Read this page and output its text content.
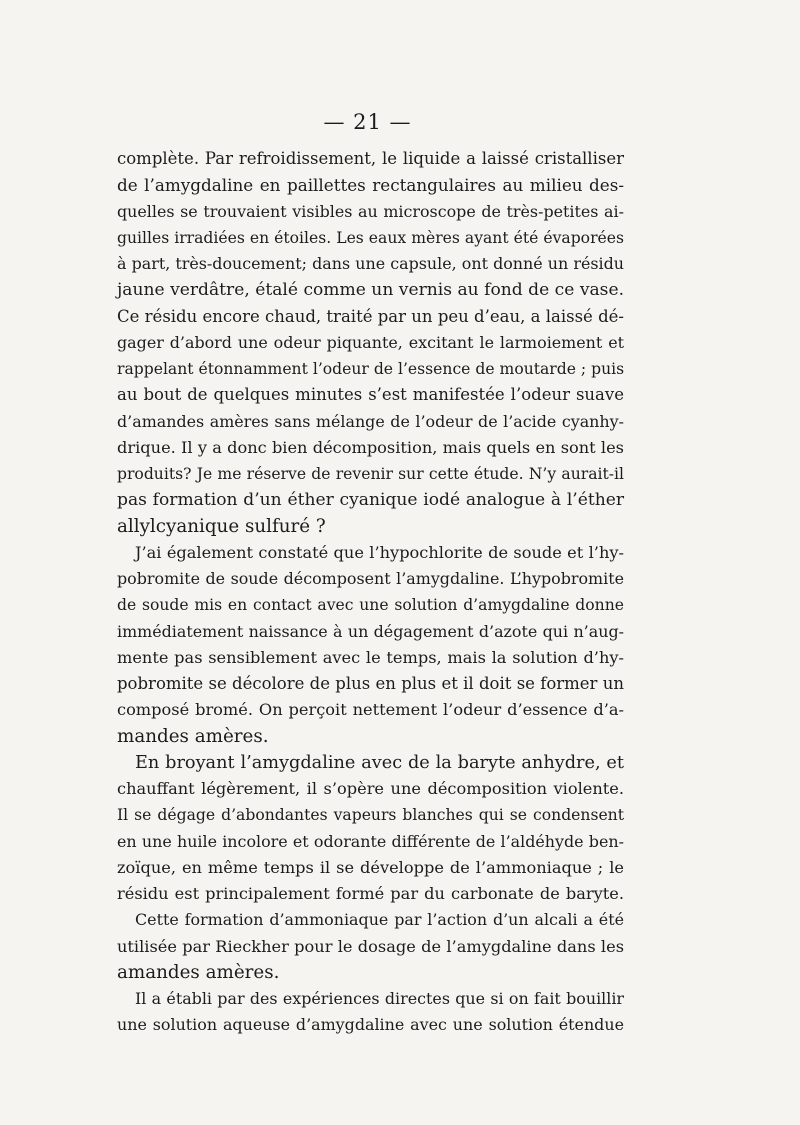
— 21 —
complète. Par refroidissement, le liquide a laissé cristalliser
de l’amygdaline en paillettes rectangulaires au milieu des-
quelles se trouvaient visibles au microscope de très-petites ai-
guilles irradiées en étoiles. Les eaux mères ayant été évaporées
à part, très-doucement; dans une capsule, ont donné un résidu
jaune verdâtre, étalé comme un vernis au fond de ce vase.
Ce résidu encore chaud, traité par un peu d’eau, a laissé dé-
gager d’abord une odeur piquante, excitant le larmoiement et
rappelant étonnamment l’odeur de l’essence de moutarde ; puis
au bout de quelques minutes s’est manifestée l’odeur suave
d’amandes amères sans mélange de l’odeur de l’acide cyanhy-
drique. Il y a donc bien décomposition, mais quels en sont les
produits? Je me réserve de revenir sur cette étude. N’y aurait-il
pas formation d’un éther cyanique iodé analogue à l’éther
allylcyanique sulfuré ?
J’ai également constaté que l’hypochlorite de soude et l’hy-
pobromite de soude décomposent l’amygdaline. L’hypobromite
de soude mis en contact avec une solution d’amygdaline donne
immédiatement naissance à un dégagement d’azote qui n’aug-
mente pas sensiblement avec le temps, mais la solution d’hy-
pobromite se décolore de plus en plus et il doit se former un
composé bromé. On perçoit nettement l’odeur d’essence d’a-
mandes amères.
En broyant l’amygdaline avec de la baryte anhydre, et
chauffant légèrement, il s’opère une décomposition violente.
Il se dégage d’abondantes vapeurs blanches qui se condensent
en une huile incolore et odorante différente de l’aldéhyde ben-
zoïque, en même temps il se développe de l’ammoniaque ; le
résidu est principalement formé par du carbonate de baryte.
Cette formation d’ammoniaque par l’action d’un alcali a été
utilisée par Rieckher pour le dosage de l’amygdaline dans les
amandes amères.
Il a établi par des expériences directes que si on fait bouillir
une solution aqueuse d’amygdaline avec une solution étendue
